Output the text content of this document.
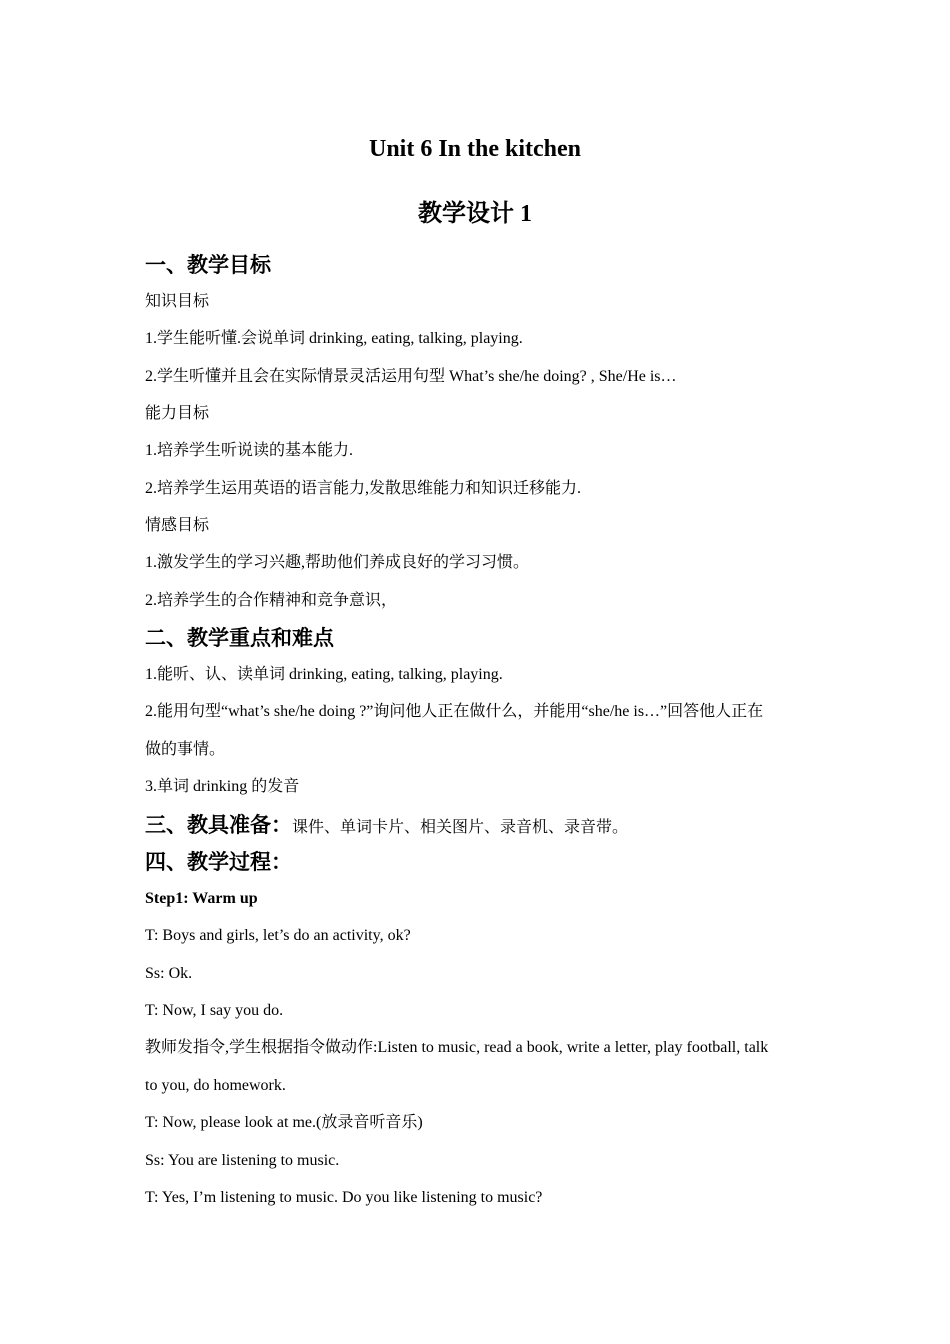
Unit 6 In the kitchen
教学设计 1
一、教学目标
知识目标
1.学生能听懂.会说单词 drinking, eating, talking, playing.
2.学生听懂并且会在实际情景灵活运用句型 What’s she/he doing? , She/He is…
能力目标
1.培养学生听说读的基本能力.
2.培养学生运用英语的语言能力,发散思维能力和知识迁移能力.
情感目标
1.激发学生的学习兴趣,帮助他们养成良好的学习习惯。
2.培养学生的合作精神和竞争意识，
二、教学重点和难点
1.能听、认、读单词 drinking, eating, talking, playing.
2.能用句型“what’s she/he doing ?”询问他人正在做什么，并能用“she/he is…”回答他人正在
做的事情。
3.单词 drinking 的发音
三、教具准备：课件、单词卡片、相关图片、录音机、录音带。
四、教学过程：
Step1: Warm up
T: Boys and girls, let’s do an activity, ok?
Ss: Ok.
T: Now, I say you do.
教师发指令,学生根据指令做动作:Listen to music, read a book, write a letter, play football, talk
to you, do homework.
T: Now, please look at me.(放录音听音乐)
Ss: You are listening to music.
T: Yes, I’m listening to music. Do you like listening to music?
